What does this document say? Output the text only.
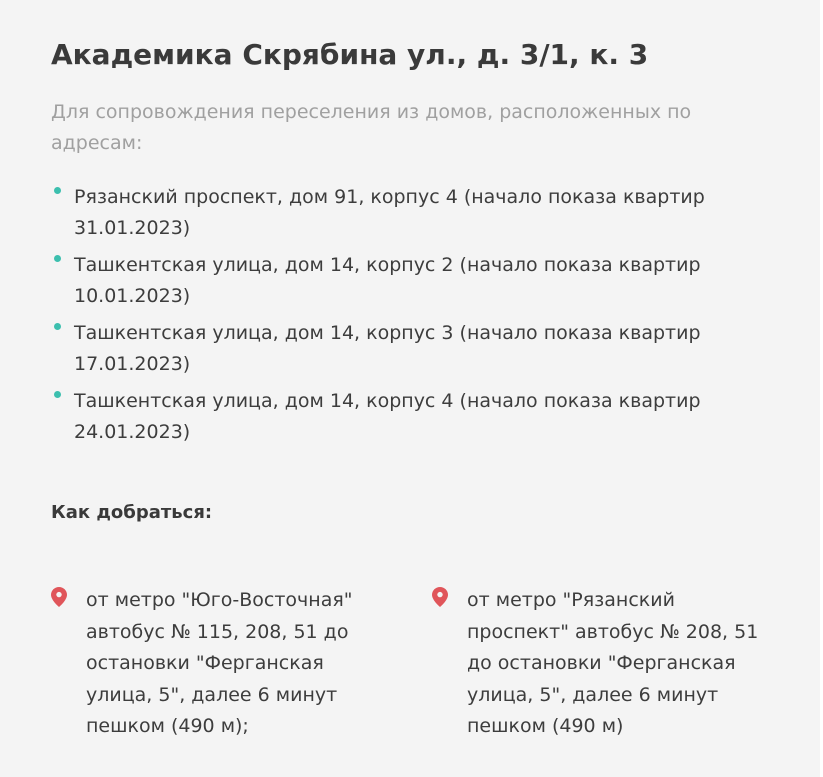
Академика Скрябина ул., д. 3/1, к. 3

Для сопровождения переселения из домов, расположенных по адресам:

Рязанский проспект, дом 91, корпус 4 (начало показа квартир 31.01.2023)
Ташкентская улица, дом 14, корпус 2 (начало показа квартир 10.01.2023)
Ташкентская улица, дом 14, корпус 3 (начало показа квартир 17.01.2023)
Ташкентская улица, дом 14, корпус 4 (начало показа квартир 24.01.2023)
Как добраться:
от метро "Юго-Восточная" автобус № 115, 208, 51 до остановки "Ферганская улица, 5", далее 6 минут пешком (490 м);
от метро "Рязанский проспект" автобус № 208, 51 до остановки "Ферганская улица, 5", далее 6 минут пешком (490 м)
